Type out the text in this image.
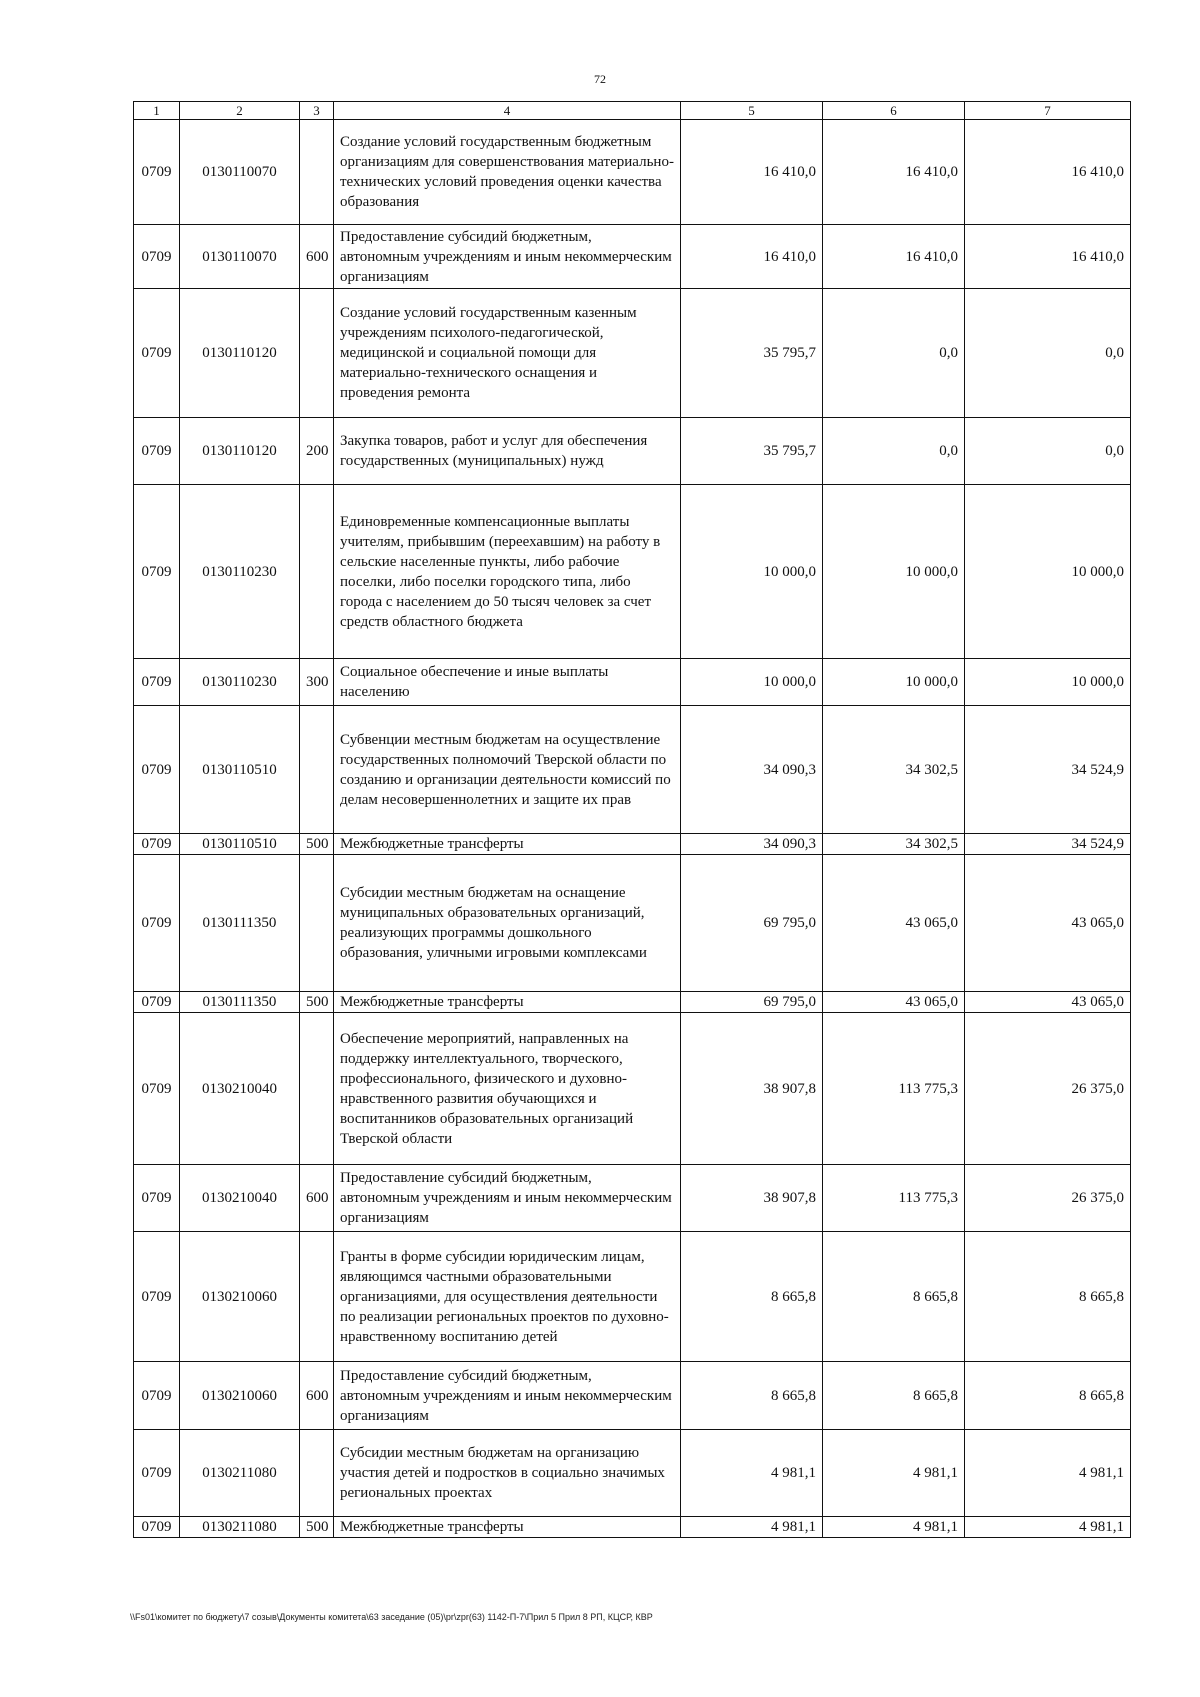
72
1	2	3	4	5	6	7
0709	0130110070		Создание условий государственным бюджетным организациям для совершенствования материально-технических условий проведения оценки качества образования	16 410,0	16 410,0	16 410,0
0709	0130110070	600	Предоставление субсидий бюджетным, автономным учреждениям и иным некоммерческим организациям	16 410,0	16 410,0	16 410,0
0709	0130110120		Создание условий государственным казенным учреждениям психолого-педагогической, медицинской и социальной помощи для материально-технического оснащения и проведения ремонта	35 795,7	0,0	0,0
0709	0130110120	200	Закупка товаров, работ и услуг для обеспечения государственных (муниципальных) нужд	35 795,7	0,0	0,0
0709	0130110230		Единовременные компенсационные выплаты учителям, прибывшим (переехавшим) на работу в сельские населенные пункты, либо рабочие поселки, либо поселки городского типа, либо города с населением до 50 тысяч человек за счет средств областного бюджета	10 000,0	10 000,0	10 000,0
0709	0130110230	300	Социальное обеспечение и иные выплаты населению	10 000,0	10 000,0	10 000,0
0709	0130110510		Субвенции местным бюджетам на осуществление государственных полномочий Тверской области по созданию и организации деятельности комиссий по делам несовершеннолетних и защите их прав	34 090,3	34 302,5	34 524,9
0709	0130110510	500	Межбюджетные трансферты	34 090,3	34 302,5	34 524,9
0709	0130111350		Субсидии местным бюджетам на оснащение муниципальных образовательных организаций, реализующих программы дошкольного образования, уличными игровыми комплексами	69 795,0	43 065,0	43 065,0
0709	0130111350	500	Межбюджетные трансферты	69 795,0	43 065,0	43 065,0
0709	0130210040		Обеспечение мероприятий, направленных на поддержку интеллектуального, творческого, профессионального, физического и духовно-нравственного развития обучающихся и воспитанников образовательных организаций Тверской области	38 907,8	113 775,3	26 375,0
0709	0130210040	600	Предоставление субсидий бюджетным, автономным учреждениям и иным некоммерческим организациям	38 907,8	113 775,3	26 375,0
0709	0130210060		Гранты в форме субсидии юридическим лицам, являющимся частными образовательными организациями, для осуществления деятельности по реализации региональных проектов по духовно-нравственному воспитанию детей	8 665,8	8 665,8	8 665,8
0709	0130210060	600	Предоставление субсидий бюджетным, автономным учреждениям и иным некоммерческим организациям	8 665,8	8 665,8	8 665,8
0709	0130211080		Субсидии местным бюджетам на организацию участия детей и подростков в социально значимых региональных проектах	4 981,1	4 981,1	4 981,1
0709	0130211080	500	Межбюджетные трансферты	4 981,1	4 981,1	4 981,1
\\Fs01\комитет по бюджету\7 созыв\Документы комитета\63 заседание (05)\pr\zpr(63) 1142-П-7\Прил 5 Прил 8 РП, КЦСР, КВР
